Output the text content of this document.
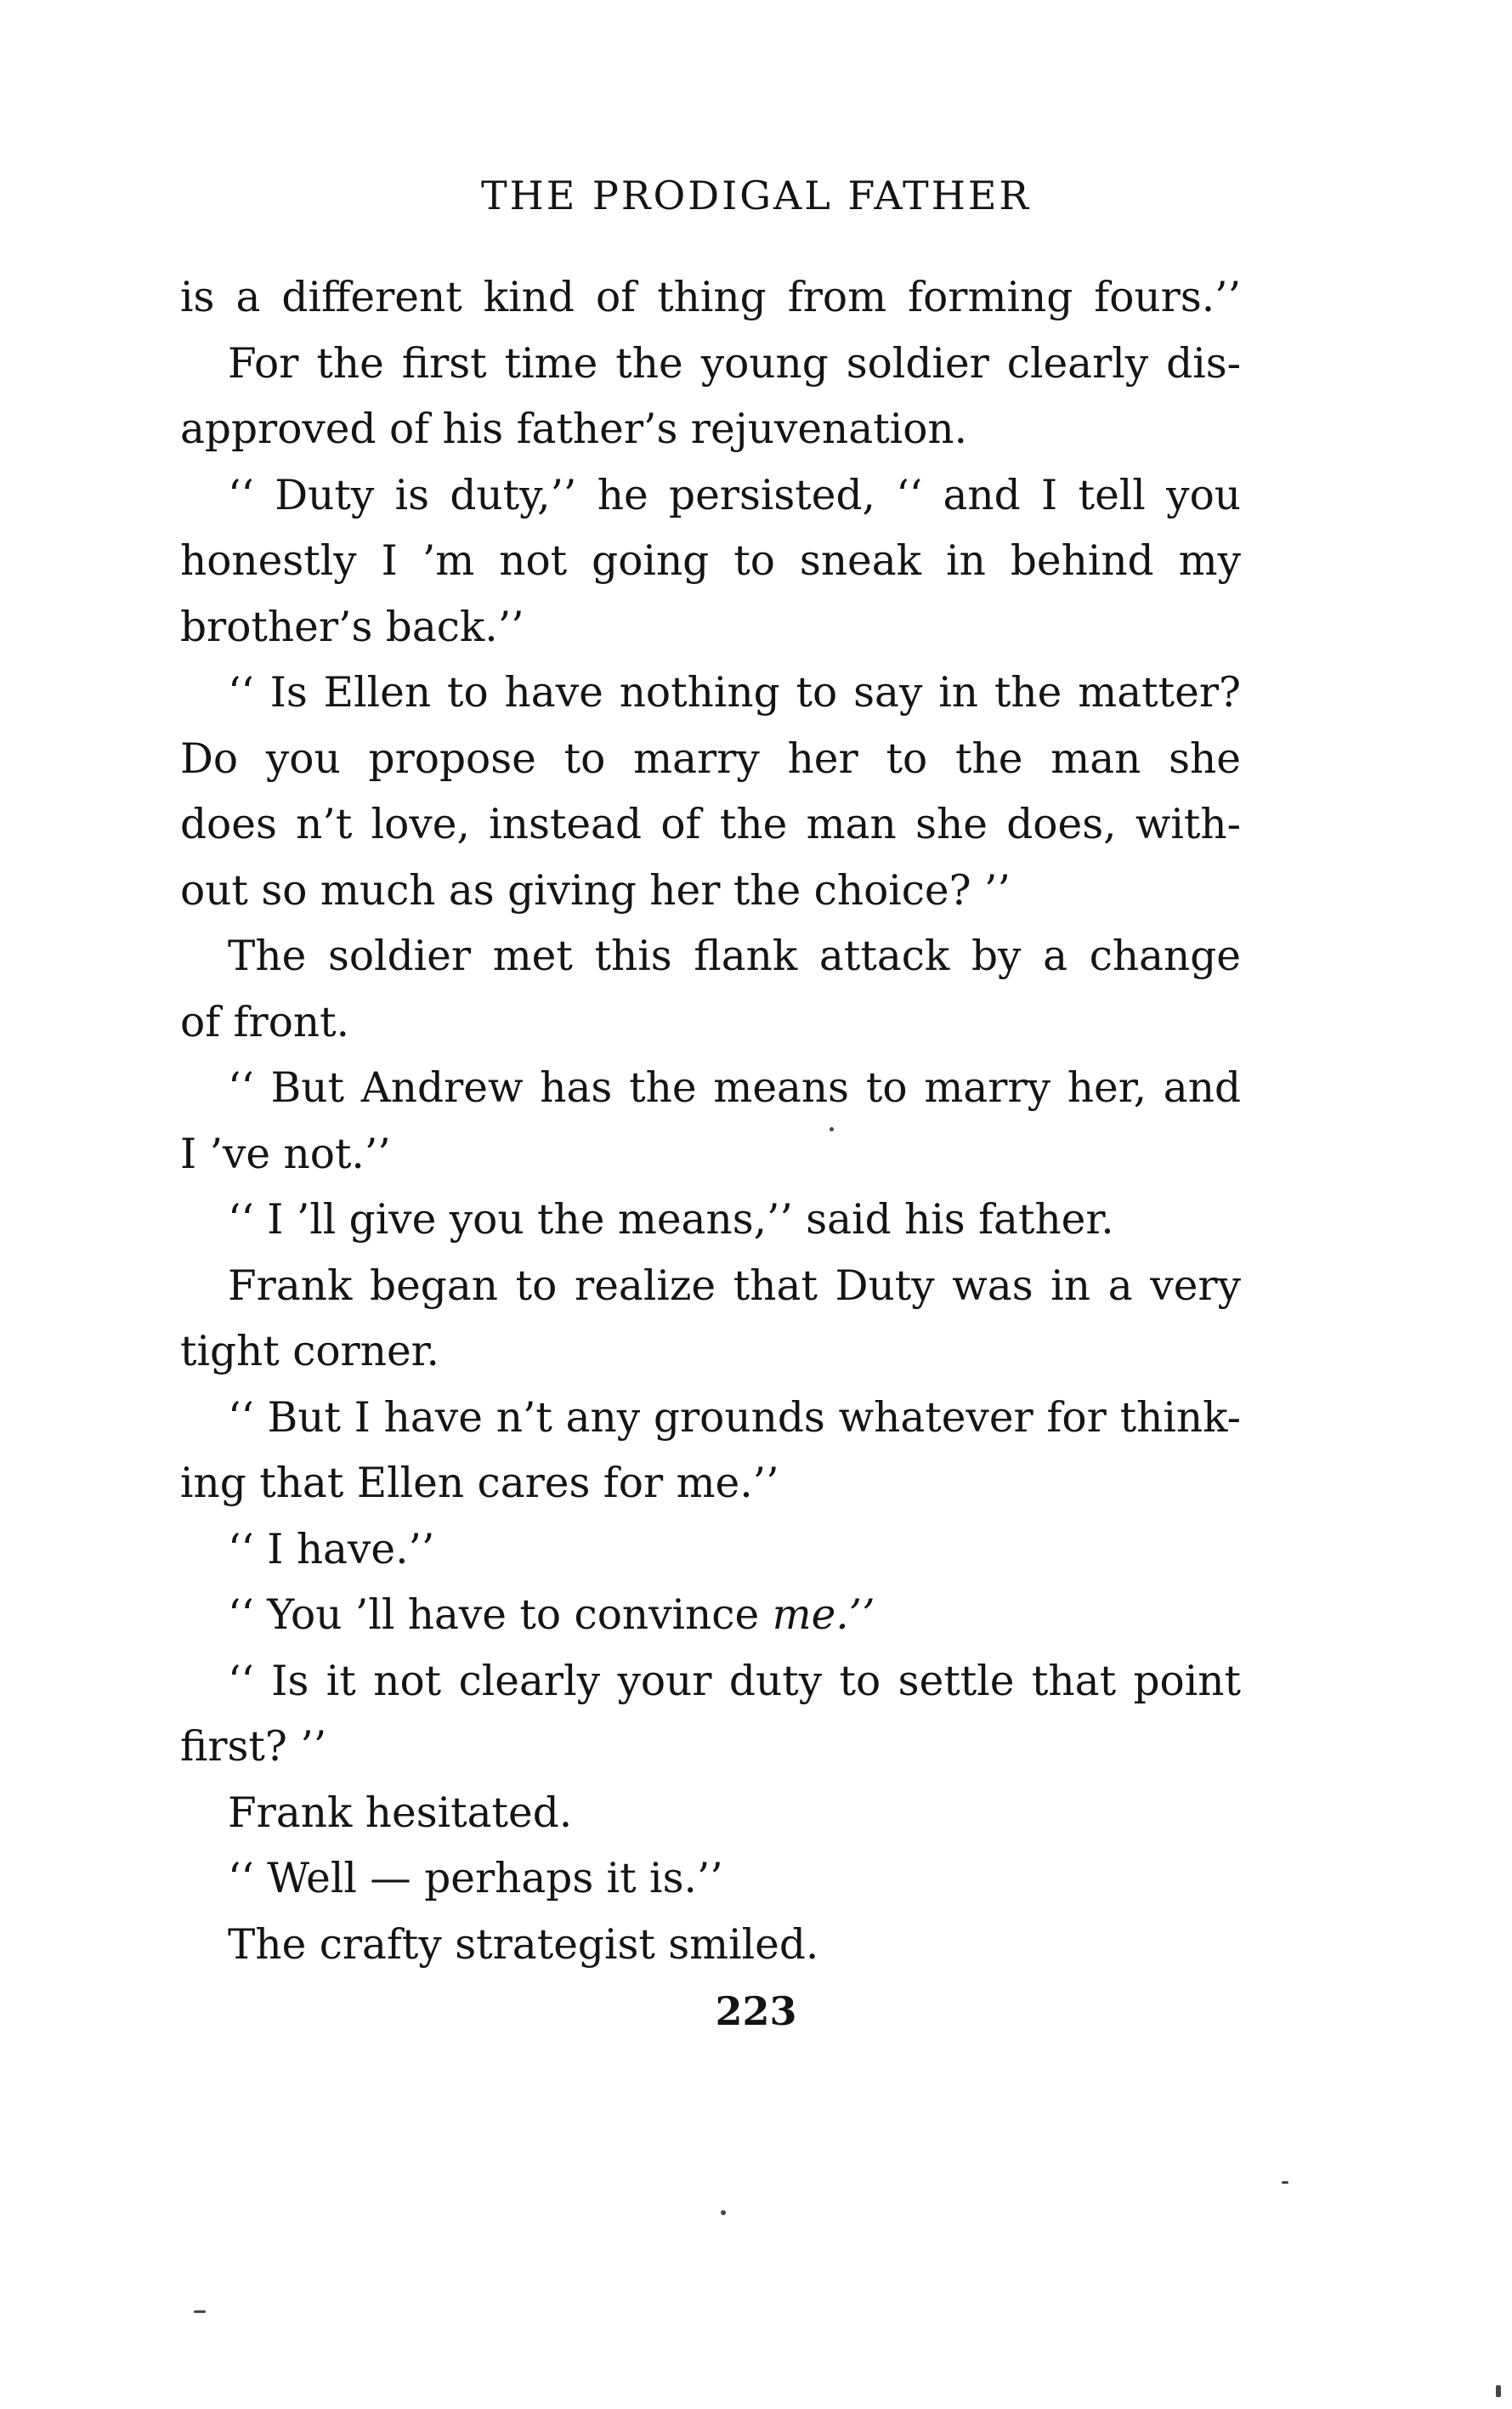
THE PRODIGAL FATHER
is a different kind of thing from forming fours.’’
For the first time the young soldier clearly dis-
approved of his father’s rejuvenation.
‘‘ Duty is duty,’’ he persisted, ‘‘ and I tell you
honestly I ’m not going to sneak in behind my
brother’s back.’’
‘‘ Is Ellen to have nothing to say in the matter?
Do you propose to marry her to the man she
does n’t love, instead of the man she does, with-
out so much as giving her the choice? ’’
The soldier met this flank attack by a change
of front.
‘‘ But Andrew has the means to marry her, and
I ’ve not.’’
‘‘ I ’ll give you the means,’’ said his father.
Frank began to realize that Duty was in a very
tight corner.
‘‘ But I have n’t any grounds whatever for think-
ing that Ellen cares for me.’’
‘‘ I have.’’
‘‘ You ’ll have to convince me.’’
‘‘ Is it not clearly your duty to settle that point
first? ’’
Frank hesitated.
‘‘ Well — perhaps it is.’’
The crafty strategist smiled.
223
